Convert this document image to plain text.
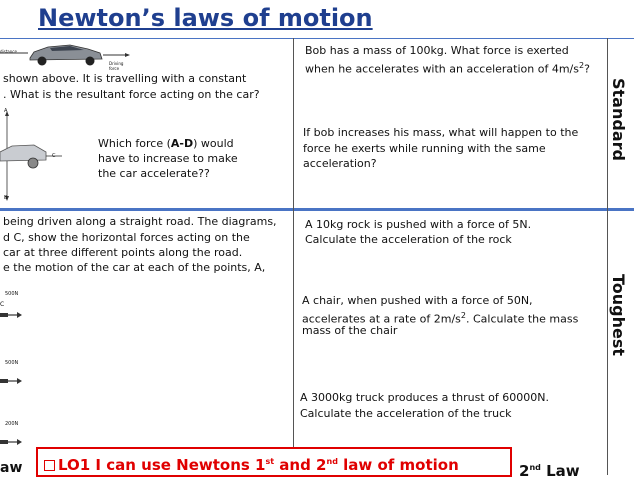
Newton’s laws of motion
Standard
Toughest
distance
Driving
force
shown above. It is travelling with a constant
. What is the resultant force acting on the car?
A
C
B
Which force (A-D) would
have to increase to make
the car accelerate??
Bob has a mass of 100kg. What force is exerted
when he accelerates with an acceleration of $4m/s^2$?
If bob increases his mass, what will happen to the
force he exerts while running with the same
acceleration?
being driven along a straight road. The diagrams,
d C, show the horizontal forces acting on the
car at three different points along the road.
e the motion of the car at each of the points, A,
500N
C
500N
200N
A 10kg rock is pushed with a force of 5N.
Calculate the acceleration of the rock
A chair, when pushed with a force of 50N,
accelerates at a rate of $2m/s^2$. Calculate the mass
mass of the chair
A 3000kg truck produces a thrust of 60000N.
Calculate the acceleration of the truck
aw	LO1 I can use Newtons 1st and 2nd law of motion	2nd Law
